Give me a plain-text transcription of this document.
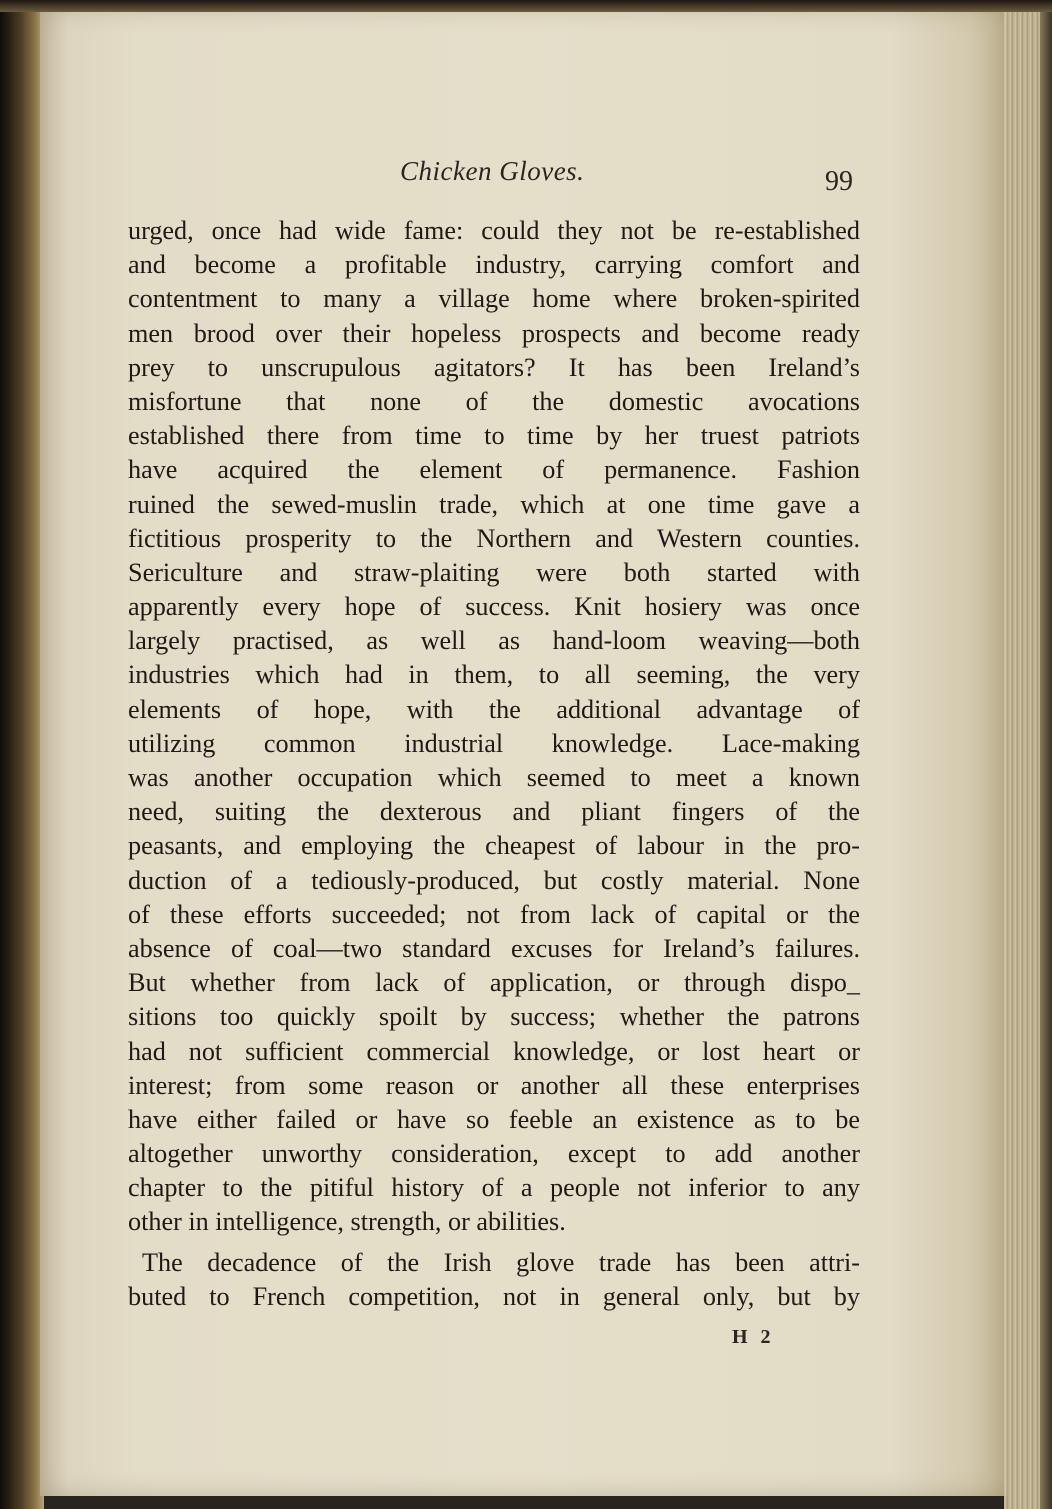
Chicken Gloves.	99
urged, once had wide fame: could they not be re-established
and become a profitable industry, carrying comfort and
contentment to many a village home where broken-spirited
men brood over their hopeless prospects and become ready
prey to unscrupulous agitators? It has been Ireland’s
misfortune that none of the domestic avocations
established there from time to time by her truest patriots
have acquired the element of permanence. Fashion
ruined the sewed-muslin trade, which at one time gave a
fictitious prosperity to the Northern and Western counties.
Sericulture and straw-plaiting were both started with
apparently every hope of success. Knit hosiery was once
largely practised, as well as hand-loom weaving—both
industries which had in them, to all seeming, the very
elements of hope, with the additional advantage of
utilizing common industrial knowledge. Lace-making
was another occupation which seemed to meet a known
need, suiting the dexterous and pliant fingers of the
peasants, and employing the cheapest of labour in the pro-
duction of a tediously-produced, but costly material. None
of these efforts succeeded; not from lack of capital or the
absence of coal—two standard excuses for Ireland’s failures.
But whether from lack of application, or through dispo_
sitions too quickly spoilt by success; whether the patrons
had not sufficient commercial knowledge, or lost heart or
interest; from some reason or another all these enterprises
have either failed or have so feeble an existence as to be
altogether unworthy consideration, except to add another
chapter to the pitiful history of a people not inferior to any
other in intelligence, strength, or abilities.
The decadence of the Irish glove trade has been attri-
buted to French competition, not in general only, but by
H 2
